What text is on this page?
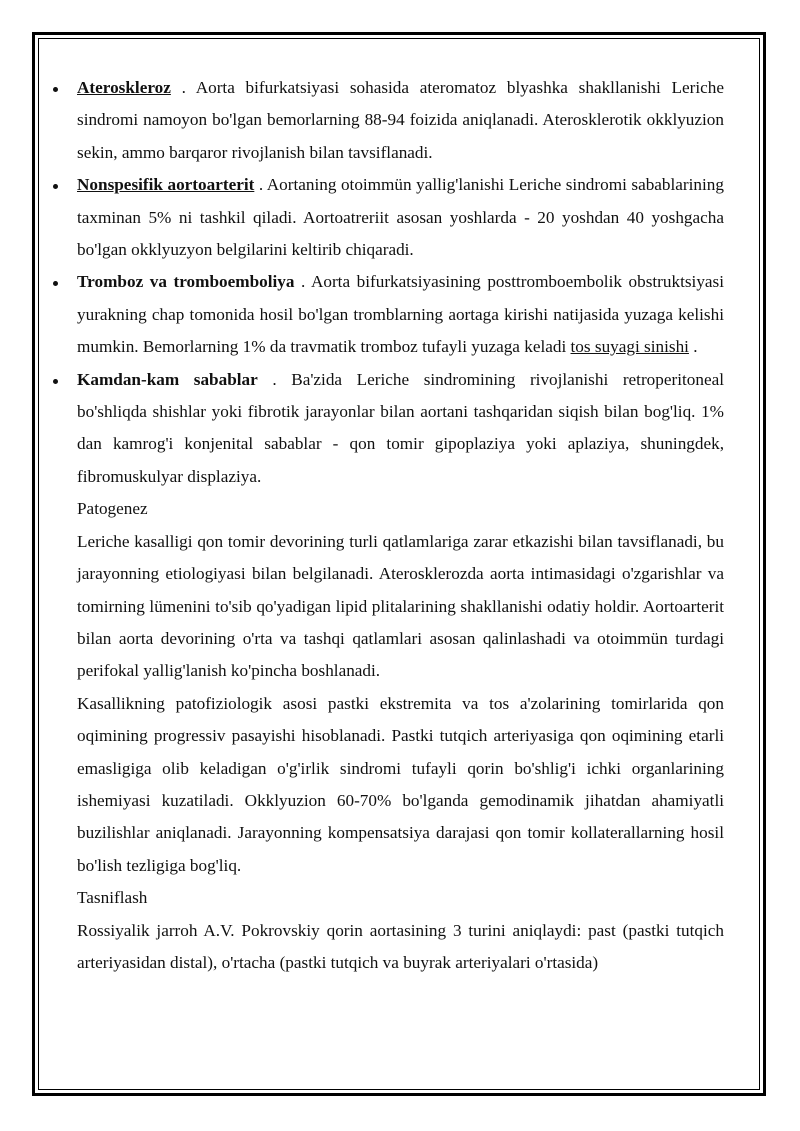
Ateroskleroz . Aorta bifurkatsiyasi sohasida ateromatoz blyashka shakllanishi Leriche sindromi namoyon bo'lgan bemorlarning 88-94 foizida aniqlanadi. Aterosklerotik okklyuzion sekin, ammo barqaror rivojlanish bilan tavsiflanadi.

Nonspesifik aortoarterit . Aortaning otoimmün yallig'lanishi Leriche sindromi sabablarining taxminan 5% ni tashkil qiladi. Aortoatreriit asosan yoshlarda - 20 yoshdan 40 yoshgacha bo'lgan okklyuzyon belgilarini keltirib chiqaradi.

Tromboz va tromboemboliya . Aorta bifurkatsiyasining posttromboembolik obstruktsiyasi yurakning chap tomonida hosil bo'lgan tromblarning aortaga kirishi natijasida yuzaga kelishi mumkin. Bemorlarning 1% da travmatik tromboz tufayli yuzaga keladi tos suyagi sinishi .

Kamdan-kam sabablar . Ba'zida Leriche sindromining rivojlanishi retroperitoneal bo'shliqda shishlar yoki fibrotik jarayonlar bilan aortani tashqaridan siqish bilan bog'liq. 1% dan kamrog'i konjenital sabablar - qon tomir gipoplaziya yoki aplaziya, shuningdek, fibromuskulyar displaziya.

Patogenez

Leriche kasalligi qon tomir devorining turli qatlamlariga zarar etkazishi bilan tavsiflanadi, bu jarayonning etiologiyasi bilan belgilanadi. Aterosklerozda aorta intimasidagi o'zgarishlar va tomirning lümenini to'sib qo'yadigan lipid plitalarining shakllanishi odatiy holdir. Aortoarterit bilan aorta devorining o'rta va tashqi qatlamlari asosan qalinlashadi va otoimmün turdagi perifokal yallig'lanish ko'pincha boshlanadi.

Kasallikning patofiziologik asosi pastki ekstremita va tos a'zolarining tomirlarida qon oqimining progressiv pasayishi hisoblanadi. Pastki tutqich arteriyasiga qon oqimining etarli emasligiga olib keladigan o'g'irlik sindromi tufayli qorin bo'shlig'i ichki organlarining ishemiyasi kuzatiladi. Okklyuzion 60-70% bo'lganda gemodinamik jihatdan ahamiyatli buzilishlar aniqlanadi. Jarayonning kompensatsiya darajasi qon tomir kollaterallarning hosil bo'lish tezligiga bog'liq.

Tasniflash

Rossiyalik jarroh A.V. Pokrovskiy qorin aortasining 3 turini aniqlaydi: past (pastki tutqich arteriyasidan distal), o'rtacha (pastki tutqich va buyrak arteriyalari o'rtasida)
